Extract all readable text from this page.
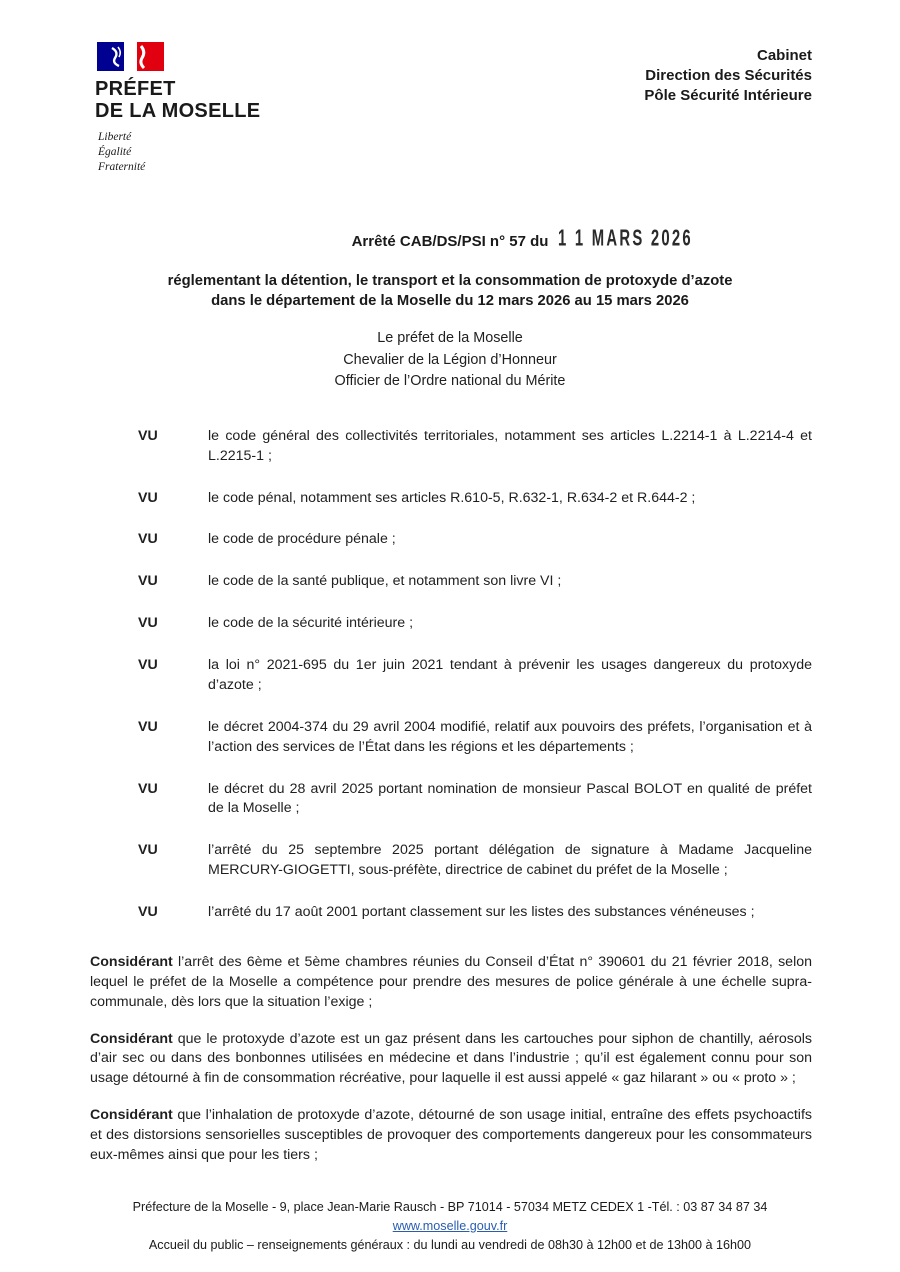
PRÉFET
DE LA MOSELLE
Liberté
Égalité
Fraternité
Cabinet
Direction des Sécurités
Pôle Sécurité Intérieure
Arrêté CAB/DS/PSI n° 57 du 1 1 MARS 2026
réglementant la détention, le transport et la consommation de protoxyde d’azote
dans le département de la Moselle du 12 mars 2026 au 15 mars 2026
Le préfet de la Moselle
Chevalier de la Légion d’Honneur
Officier de l’Ordre national du Mérite
VU	le code général des collectivités territoriales, notamment ses articles L.2214-1 à L.2214-4 et L.2215-1 ;

VU	le code pénal, notamment ses articles R.610-5, R.632-1, R.634-2 et R.644-2 ;

VU	le code de procédure pénale ;

VU	le code de la santé publique, et notamment son livre VI ;

VU	le code de la sécurité intérieure ;

VU	la loi n° 2021-695 du 1er juin 2021 tendant à prévenir les usages dangereux du protoxyde d’azote ;

VU	le décret 2004-374 du 29 avril 2004 modifié, relatif aux pouvoirs des préfets, l’organisation et à l’action des services de l’État dans les régions et les départements ;

VU	le décret du 28 avril 2025 portant nomination de monsieur Pascal BOLOT en qualité de préfet de la Moselle ;

VU	l’arrêté du 25 septembre 2025 portant délégation de signature à Madame Jacqueline MERCURY-GIOGETTI, sous-préfète, directrice de cabinet du préfet de la Moselle ;

VU	l’arrêté du 17 août 2001 portant classement sur les listes des substances vénéneuses ;

Considérant l’arrêt des 6ème et 5ème chambres réunies du Conseil d’État n° 390601 du 21 février 2018, selon lequel le préfet de la Moselle a compétence pour prendre des mesures de police générale à une échelle supra-communale, dès lors que la situation l’exige ;

Considérant que le protoxyde d’azote est un gaz présent dans les cartouches pour siphon de chantilly, aérosols d’air sec ou dans des bonbonnes utilisées en médecine et dans l’industrie ; qu’il est également connu pour son usage détourné à fin de consommation récréative, pour laquelle il est aussi appelé « gaz hilarant » ou « proto » ;

Considérant que l’inhalation de protoxyde d’azote, détourné de son usage initial, entraîne des effets psychoactifs et des distorsions sensorielles susceptibles de provoquer des comportements dangereux pour les consommateurs eux-mêmes ainsi que pour les tiers ;

Préfecture de la Moselle - 9, place Jean-Marie Rausch - BP 71014 - 57034 METZ CEDEX 1 -Tél. : 03 87 34 87 34
www.moselle.gouv.fr
Accueil du public – renseignements généraux : du lundi au vendredi de 08h30 à 12h00 et de 13h00 à 16h00
